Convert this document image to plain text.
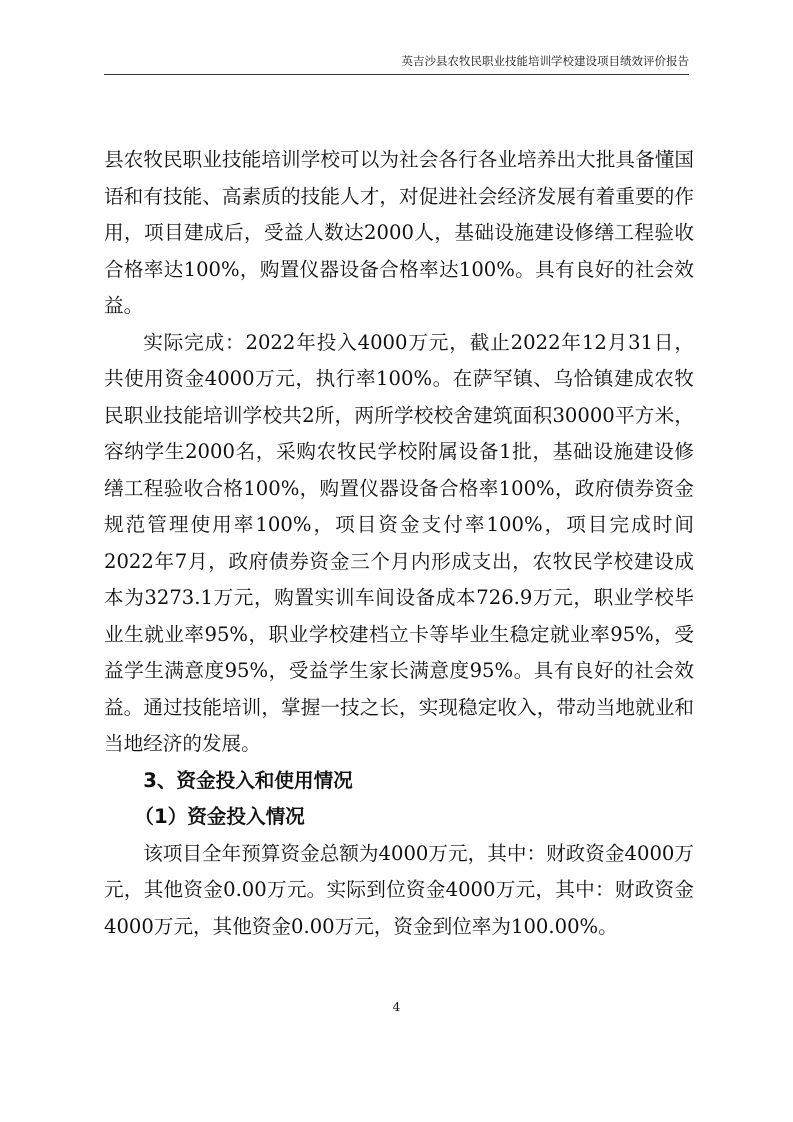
英吉沙县农牧民职业技能培训学校建设项目绩效评价报告

县农牧民职业技能培训学校可以为社会各行各业培养出大批具备懂国语和有技能、高素质的技能人才，对促进社会经济发展有着重要的作用，项目建成后，受益人数达2000人，基础设施建设修缮工程验收合格率达100%，购置仪器设备合格率达100%。具有良好的社会效益。

实际完成：2022年投入4000万元，截止2022年12月31日，共使用资金4000万元，执行率100%。在萨罕镇、乌恰镇建成农牧民职业技能培训学校共2所，两所学校校舍建筑面积30000平方米，容纳学生2000名，采购农牧民学校附属设备1批，基础设施建设修缮工程验收合格100%，购置仪器设备合格率100%，政府债券资金规范管理使用率100%，项目资金支付率100%，项目完成时间2022年7月，政府债券资金三个月内形成支出，农牧民学校建设成本为3273.1万元，购置实训车间设备成本726.9万元，职业学校毕业生就业率95%，职业学校建档立卡等毕业生稳定就业率95%，受益学生满意度95%，受益学生家长满意度95%。具有良好的社会效益。通过技能培训，掌握一技之长，实现稳定收入，带动当地就业和当地经济的发展。

3、资金投入和使用情况

（1）资金投入情况

该项目全年预算资金总额为4000万元，其中：财政资金4000万元，其他资金0.00万元。实际到位资金4000万元，其中：财政资金4000万元，其他资金0.00万元，资金到位率为100.00%。

4
